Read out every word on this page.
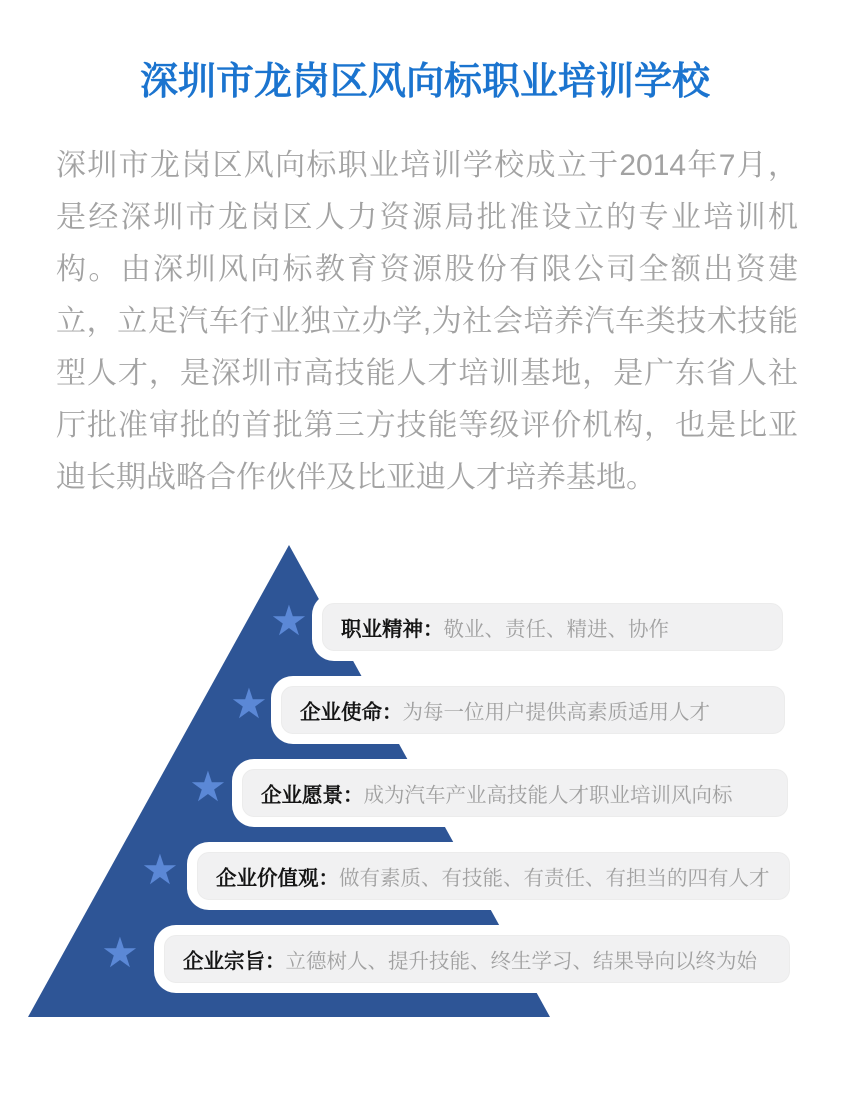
深圳市龙岗区风向标职业培训学校

深圳市龙岗区风向标职业培训学校成立于2014年7月，是经深圳市龙岗区人力资源局批准设立的专业培训机构。由深圳风向标教育资源股份有限公司全额出资建立，立足汽车行业独立办学,为社会培养汽车类技术技能型人才，是深圳市高技能人才培训基地，是广东省人社厅批准审批的首批第三方技能等级评价机构，也是比亚迪长期战略合作伙伴及比亚迪人才培养基地。

★
★
★
★
★
职业精神： 敬业、责任、精进、协作
企业使命： 为每一位用户提供高素质适用人才
企业愿景： 成为汽车产业高技能人才职业培训风向标
企业价值观： 做有素质、有技能、有责任、有担当的四有人才
企业宗旨： 立德树人、提升技能、终生学习、结果导向以终为始
